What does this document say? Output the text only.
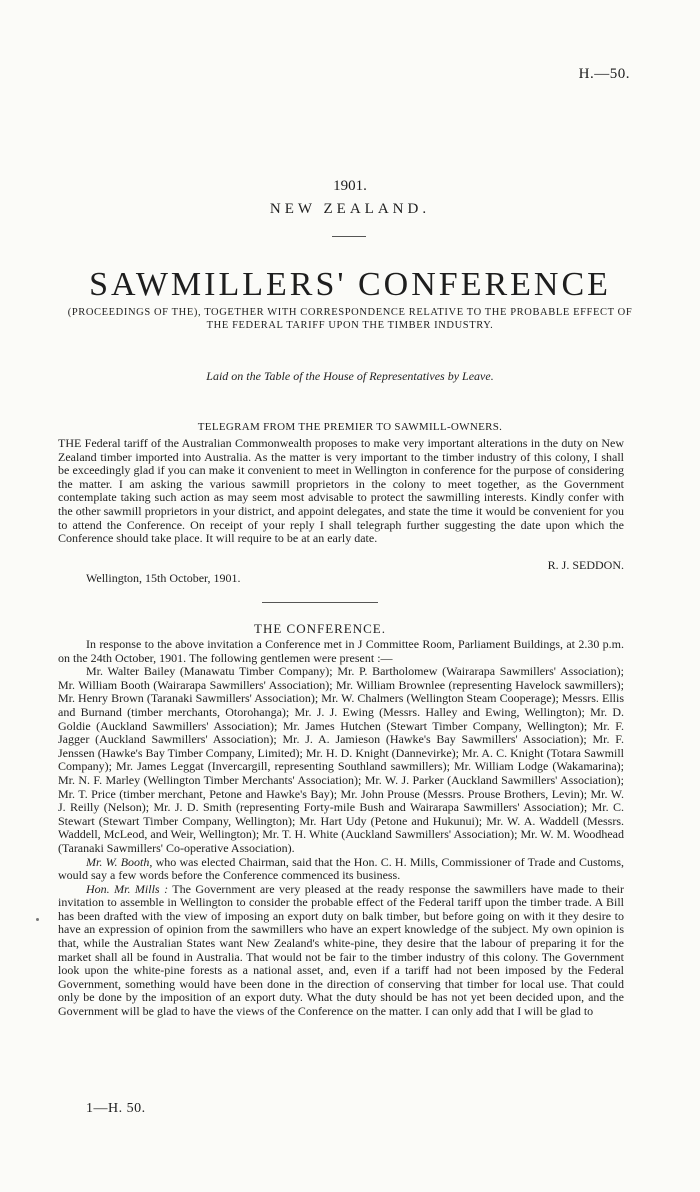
H.—50.
1901.
NEW ZEALAND.
SAWMILLERS' CONFERENCE
(PROCEEDINGS OF THE), TOGETHER WITH CORRESPONDENCE RELATIVE TO THE PROBABLE EFFECT OF THE FEDERAL TARIFF UPON THE TIMBER INDUSTRY.
Laid on the Table of the House of Representatives by Leave.
TELEGRAM FROM THE PREMIER TO SAWMILL-OWNERS.
THE Federal tariff of the Australian Commonwealth proposes to make very important alterations in the duty on New Zealand timber imported into Australia. As the matter is very important to the timber industry of this colony, I shall be exceedingly glad if you can make it convenient to meet in Wellington in conference for the purpose of considering the matter. I am asking the various sawmill proprietors in the colony to meet together, as the Government contemplate taking such action as may seem most advisable to protect the sawmilling interests. Kindly confer with the other sawmill proprietors in your district, and appoint delegates, and state the time it would be convenient for you to attend the Conference. On receipt of your reply I shall telegraph further suggesting the date upon which the Conference should take place. It will require to be at an early date.
R. J. SEDDON.
Wellington, 15th October, 1901.
THE CONFERENCE.

In response to the above invitation a Conference met in J Committee Room, Parliament Buildings, at 2.30 p.m. on the 24th October, 1901. The following gentlemen were present :—

Mr. Walter Bailey (Manawatu Timber Company); Mr. P. Bartholomew (Wairarapa Sawmillers' Association); Mr. William Booth (Wairarapa Sawmillers' Association); Mr. William Brownlee (representing Havelock sawmillers); Mr. Henry Brown (Taranaki Sawmillers' Association); Mr. W. Chalmers (Wellington Steam Cooperage); Messrs. Ellis and Burnand (timber merchants, Otorohanga); Mr. J. J. Ewing (Messrs. Halley and Ewing, Wellington); Mr. D. Goldie (Auckland Sawmillers' Association); Mr. James Hutchen (Stewart Timber Company, Wellington); Mr. F. Jagger (Auckland Sawmillers' Association); Mr. J. A. Jamieson (Hawke's Bay Sawmillers' Association); Mr. F. Jenssen (Hawke's Bay Timber Company, Limited); Mr. H. D. Knight (Dannevirke); Mr. A. C. Knight (Totara Sawmill Company); Mr. James Leggat (Invercargill, representing Southland sawmillers); Mr. William Lodge (Wakamarina); Mr. N. F. Marley (Wellington Timber Merchants' Association); Mr. W. J. Parker (Auckland Sawmillers' Association); Mr. T. Price (timber merchant, Petone and Hawke's Bay); Mr. John Prouse (Messrs. Prouse Brothers, Levin); Mr. W. J. Reilly (Nelson); Mr. J. D. Smith (representing Forty-mile Bush and Wairarapa Sawmillers' Association); Mr. C. Stewart (Stewart Timber Company, Wellington); Mr. Hart Udy (Petone and Hukunui); Mr. W. A. Waddell (Messrs. Waddell, McLeod, and Weir, Wellington); Mr. T. H. White (Auckland Sawmillers' Association); Mr. W. M. Woodhead (Taranaki Sawmillers' Co-operative Association).

Mr. W. Booth, who was elected Chairman, said that the Hon. C. H. Mills, Commissioner of Trade and Customs, would say a few words before the Conference commenced its business.

Hon. Mr. Mills : The Government are very pleased at the ready response the sawmillers have made to their invitation to assemble in Wellington to consider the probable effect of the Federal tariff upon the timber trade. A Bill has been drafted with the view of imposing an export duty on balk timber, but before going on with it they desire to have an expression of opinion from the sawmillers who have an expert knowledge of the subject. My own opinion is that, while the Australian States want New Zealand's white-pine, they desire that the labour of preparing it for the market shall all be found in Australia. That would not be fair to the timber industry of this colony. The Government look upon the white-pine forests as a national asset, and, even if a tariff had not been imposed by the Federal Government, something would have been done in the direction of conserving that timber for local use. That could only be done by the imposition of an export duty. What the duty should be has not yet been decided upon, and the Government will be glad to have the views of the Conference on the matter. I can only add that I will be glad to

1—H. 50.
